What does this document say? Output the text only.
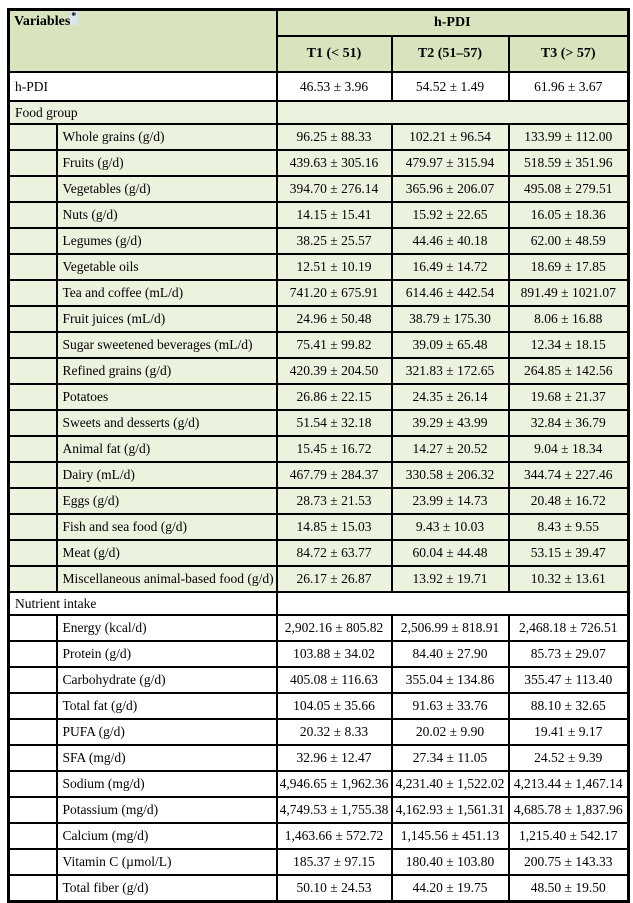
Variables*		h-PDI		
		T1 (< 51)	T2 (51–57)	T3 (> 57)
h-PDI		46.53 ± 3.96	54.52 ± 1.49	61.96 ± 3.67
Food group				
	Whole grains (g/d)	96.25 ± 88.33	102.21 ± 96.54	133.99 ± 112.00
	Fruits (g/d)	439.63 ± 305.16	479.97 ± 315.94	518.59 ± 351.96
	Vegetables (g/d)	394.70 ± 276.14	365.96 ± 206.07	495.08 ± 279.51
	Nuts (g/d)	14.15 ± 15.41	15.92 ± 22.65	16.05 ± 18.36
	Legumes (g/d)	38.25 ± 25.57	44.46 ± 40.18	62.00 ± 48.59
	Vegetable oils	12.51 ± 10.19	16.49 ± 14.72	18.69 ± 17.85
	Tea and coffee (mL/d)	741.20 ± 675.91	614.46 ± 442.54	891.49 ± 1021.07
	Fruit juices (mL/d)	24.96 ± 50.48	38.79 ± 175.30	8.06 ± 16.88
	Sugar sweetened beverages (mL/d)	75.41 ± 99.82	39.09 ± 65.48	12.34 ± 18.15
	Refined grains (g/d)	420.39 ± 204.50	321.83 ± 172.65	264.85 ± 142.56
	Potatoes	26.86 ± 22.15	24.35 ± 26.14	19.68 ± 21.37
	Sweets and desserts (g/d)	51.54 ± 32.18	39.29 ± 43.99	32.84 ± 36.79
	Animal fat (g/d)	15.45 ± 16.72	14.27 ± 20.52	9.04 ± 18.34
	Dairy (mL/d)	467.79 ± 284.37	330.58 ± 206.32	344.74 ± 227.46
	Eggs (g/d)	28.73 ± 21.53	23.99 ± 14.73	20.48 ± 16.72
	Fish and sea food (g/d)	14.85 ± 15.03	9.43 ± 10.03	8.43 ± 9.55
	Meat (g/d)	84.72 ± 63.77	60.04 ± 44.48	53.15 ± 39.47
	Miscellaneous animal-based food (g/d)	26.17 ± 26.87	13.92 ± 19.71	10.32 ± 13.61
Nutrient intake				
	Energy (kcal/d)	2,902.16 ± 805.82	2,506.99 ± 818.91	2,468.18 ± 726.51
	Protein (g/d)	103.88 ± 34.02	84.40 ± 27.90	85.73 ± 29.07
	Carbohydrate (g/d)	405.08 ± 116.63	355.04 ± 134.86	355.47 ± 113.40
	Total fat (g/d)	104.05 ± 35.66	91.63 ± 33.76	88.10 ± 32.65
	PUFA (g/d)	20.32 ± 8.33	20.02 ± 9.90	19.41 ± 9.17
	SFA (mg/d)	32.96 ± 12.47	27.34 ± 11.05	24.52 ± 9.39
	Sodium (mg/d)	4,946.65 ± 1,962.36	4,231.40 ± 1,522.02	4,213.44 ± 1,467.14
	Potassium (mg/d)	4,749.53 ± 1,755.38	4,162.93 ± 1,561.31	4,685.78 ± 1,837.96
	Calcium (mg/d)	1,463.66 ± 572.72	1,145.56 ± 451.13	1,215.40 ± 542.17
	Vitamin C (µmol/L)	185.37 ± 97.15	180.40 ± 103.80	200.75 ± 143.33
	Total fiber (g/d)	50.10 ± 24.53	44.20 ± 19.75	48.50 ± 19.50
